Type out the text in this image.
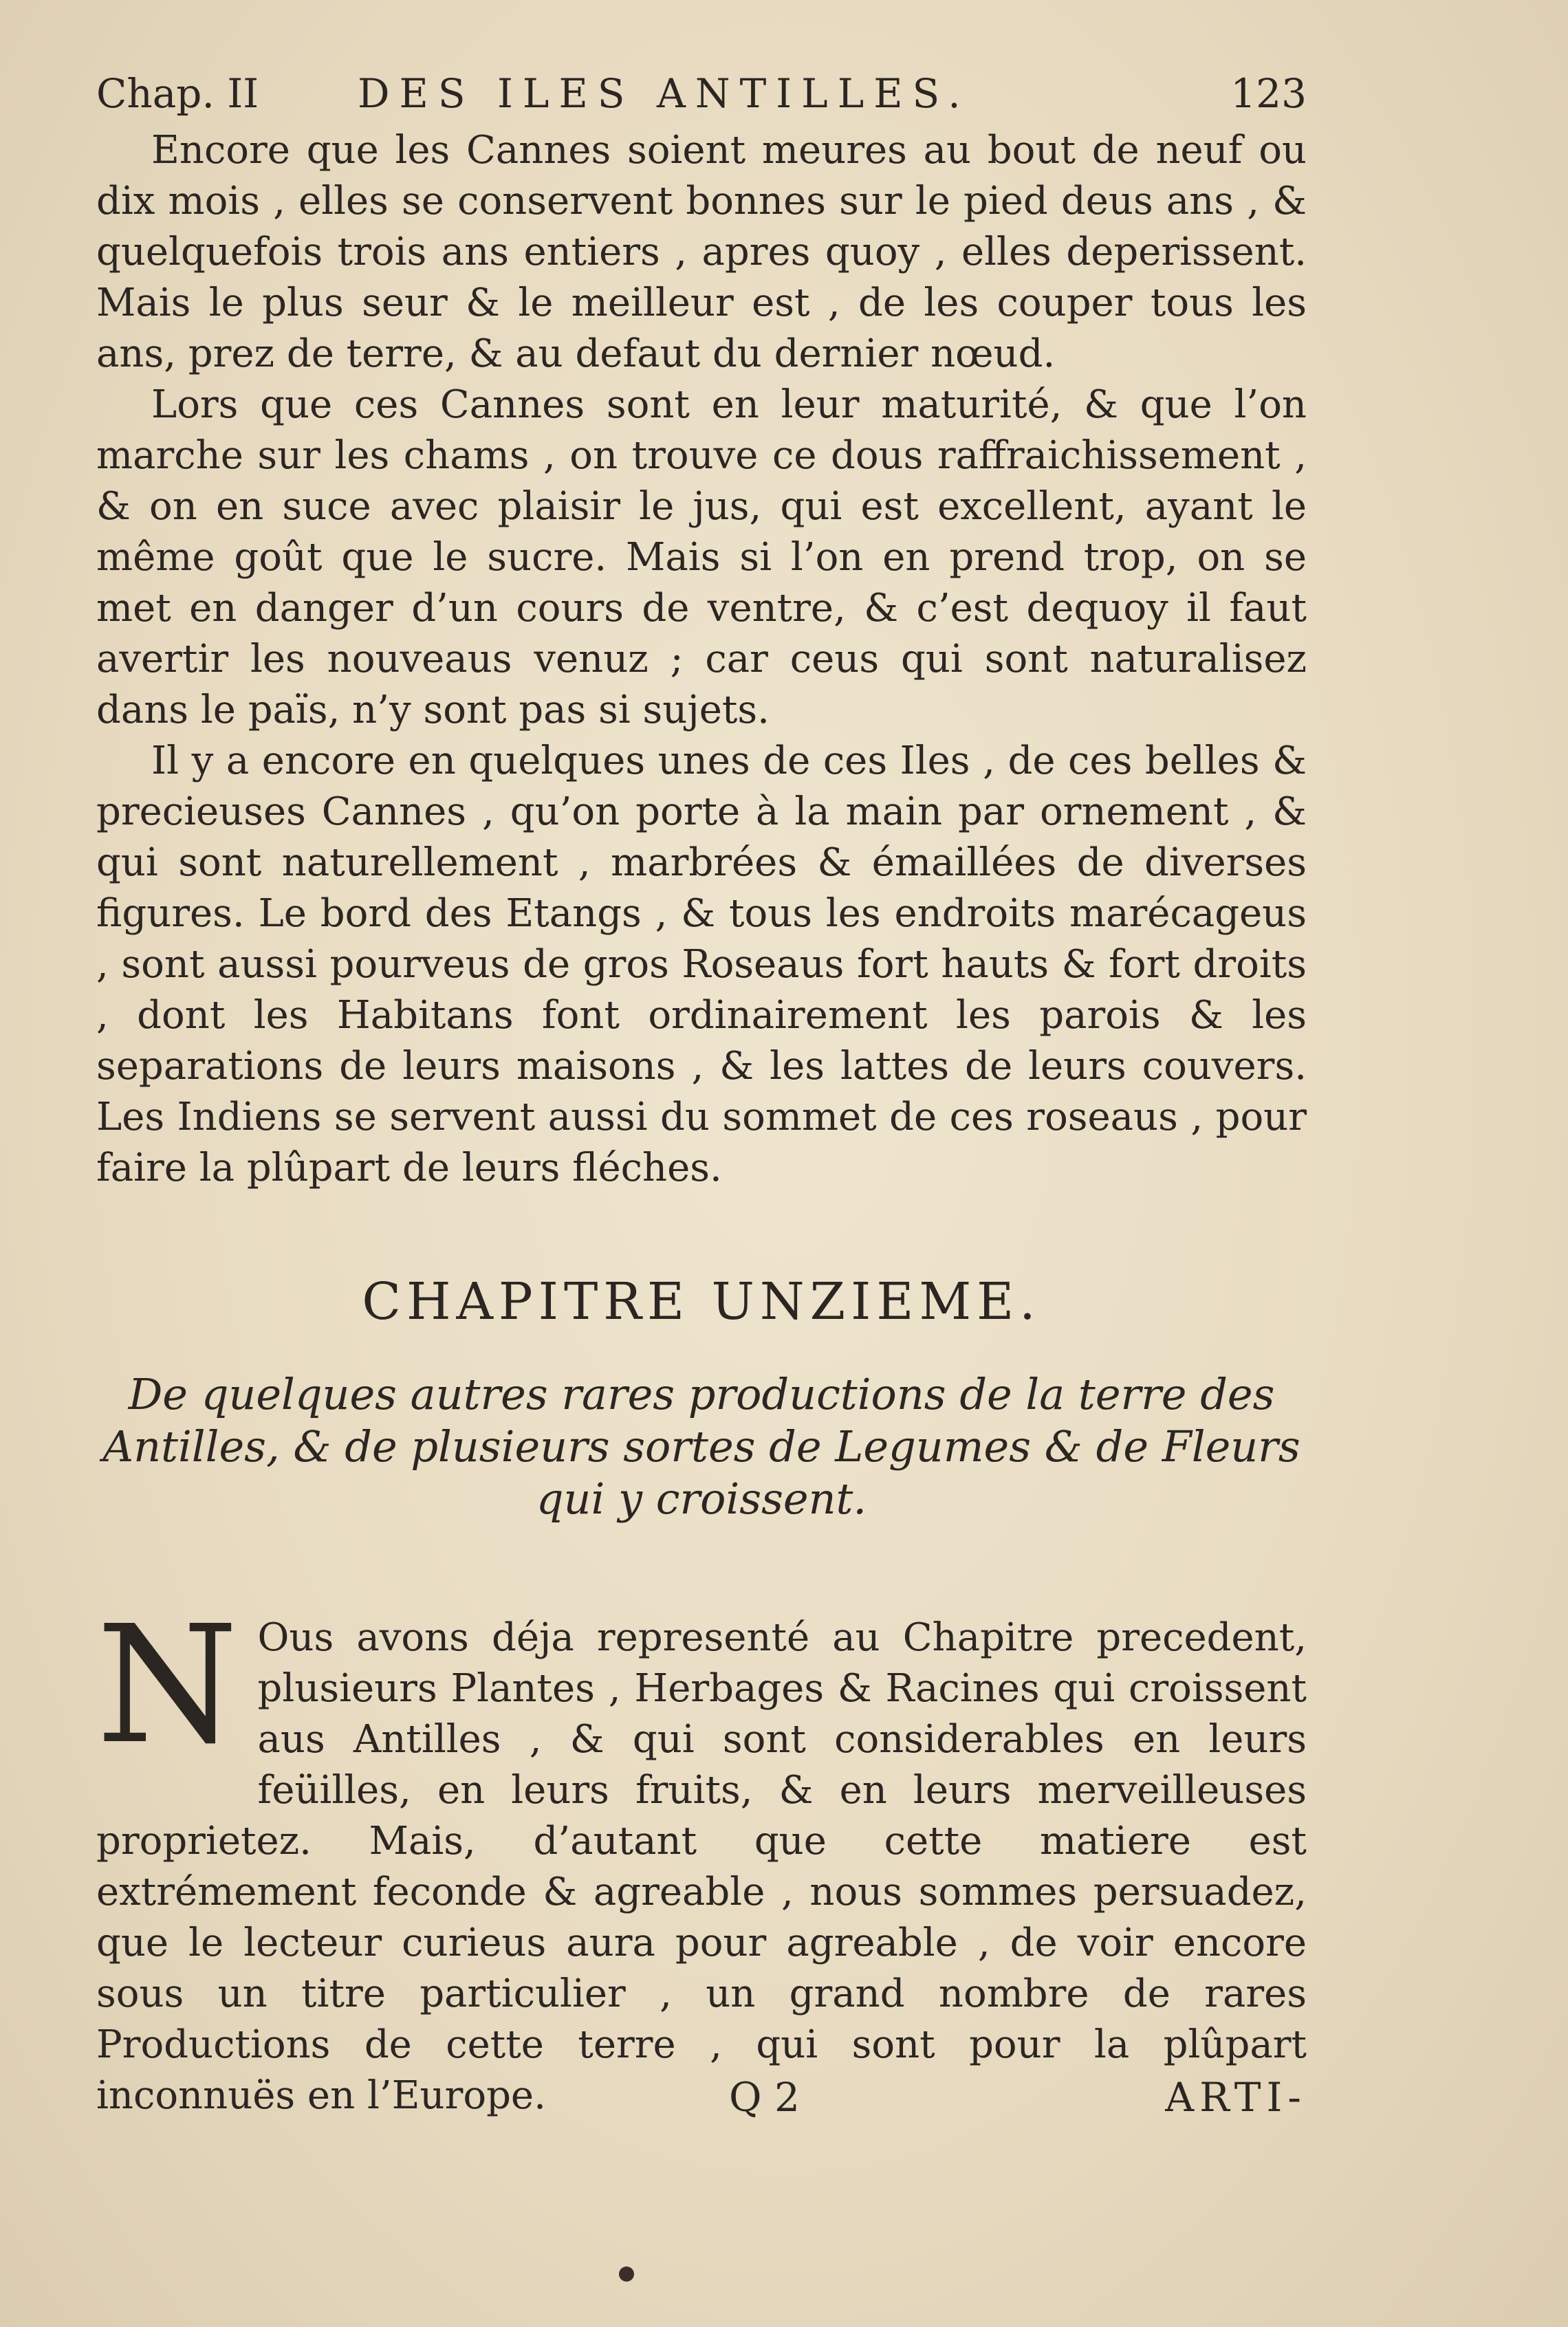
Chap. II DES ILES ANTILLES.	123

Encore que les Cannes soient meures au bout de neuf ou dix mois , elles se conservent bonnes sur le pied deus ans , & quelquefois trois ans entiers , apres quoy , elles deperissent. Mais le plus seur & le meilleur est , de les couper tous les ans, prez de terre, & au defaut du dernier nœud.

Lors que ces Cannes sont en leur maturité, & que l’on marche sur les chams , on trouve ce dous raffraichissement , & on en suce avec plaisir le jus, qui est excellent, ayant le même goût que le sucre. Mais si l’on en prend trop, on se met en danger d’un cours de ventre, & c’est dequoy il faut avertir les nouveaus venuz ; car ceus qui sont naturalisez dans le païs, n’y sont pas si sujets.

Il y a encore en quelques unes de ces Iles , de ces belles & precieuses Cannes , qu’on porte à la main par ornement , & qui sont naturellement , marbrées & émaillées de diverses figures. Le bord des Etangs , & tous les endroits marécageus , sont aussi pourveus de gros Roseaus fort hauts & fort droits , dont les Habitans font ordinairement les parois & les separations de leurs maisons , & les lattes de leurs couvers. Les Indiens se servent aussi du sommet de ces roseaus , pour faire la plûpart de leurs fléches.

CHAPITRE UNZIEME.
De quelques autres rares productions de la terre des Antilles, & de plusieurs sortes de Legumes & de Fleurs qui y croissent.
N Ous avons déja representé au Chapitre precedent, plusieurs Plantes , Herbages & Racines qui croissent aus Antilles , & qui sont considerables en leurs feüilles, en leurs fruits, & en leurs merveilleuses proprietez. Mais, d’autant que cette matiere est extrémement feconde & agreable , nous sommes persuadez, que le lecteur curieus aura pour agreable , de voir encore sous un titre particulier , un grand nombre de rares Productions de cette terre , qui sont pour la plûpart inconnuës en l’Europe.	Q 2	ARTI-
